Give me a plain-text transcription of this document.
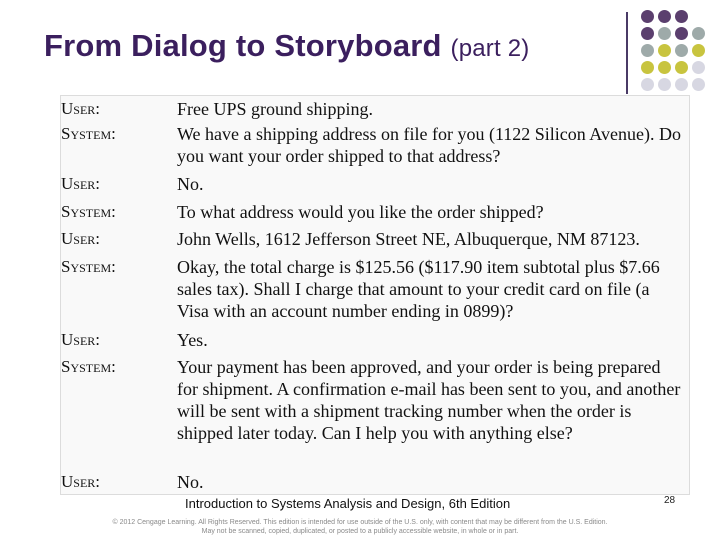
From Dialog to Storyboard (part 2)
User:	Free UPS ground shipping.
System:	We have a shipping address on file for you (1122 Silicon Avenue). Do you want your order shipped to that address?
User:	No.
System:	To what address would you like the order shipped?
User:	John Wells, 1612 Jefferson Street NE, Albuquerque, NM 87123.
System:	Okay, the total charge is $125.56 ($117.90 item subtotal plus $7.66 sales tax). Shall I charge that amount to your credit card on file (a Visa with an account number ending in 0899)?
User:	Yes.
System:	Your payment has been approved, and your order is being prepared for shipment. A confirmation e-mail has been sent to you, and another will be sent with a shipment tracking number when the order is shipped later today. Can I help you with anything else?
User:	No.
Introduction to Systems Analysis and Design, 6th Edition	28
© 2012 Cengage Learning. All Rights Reserved. This edition is intended for use outside of the U.S. only, with content that may be different from the U.S. Edition.
May not be scanned, copied, duplicated, or posted to a publicly accessible website, in whole or in part.
